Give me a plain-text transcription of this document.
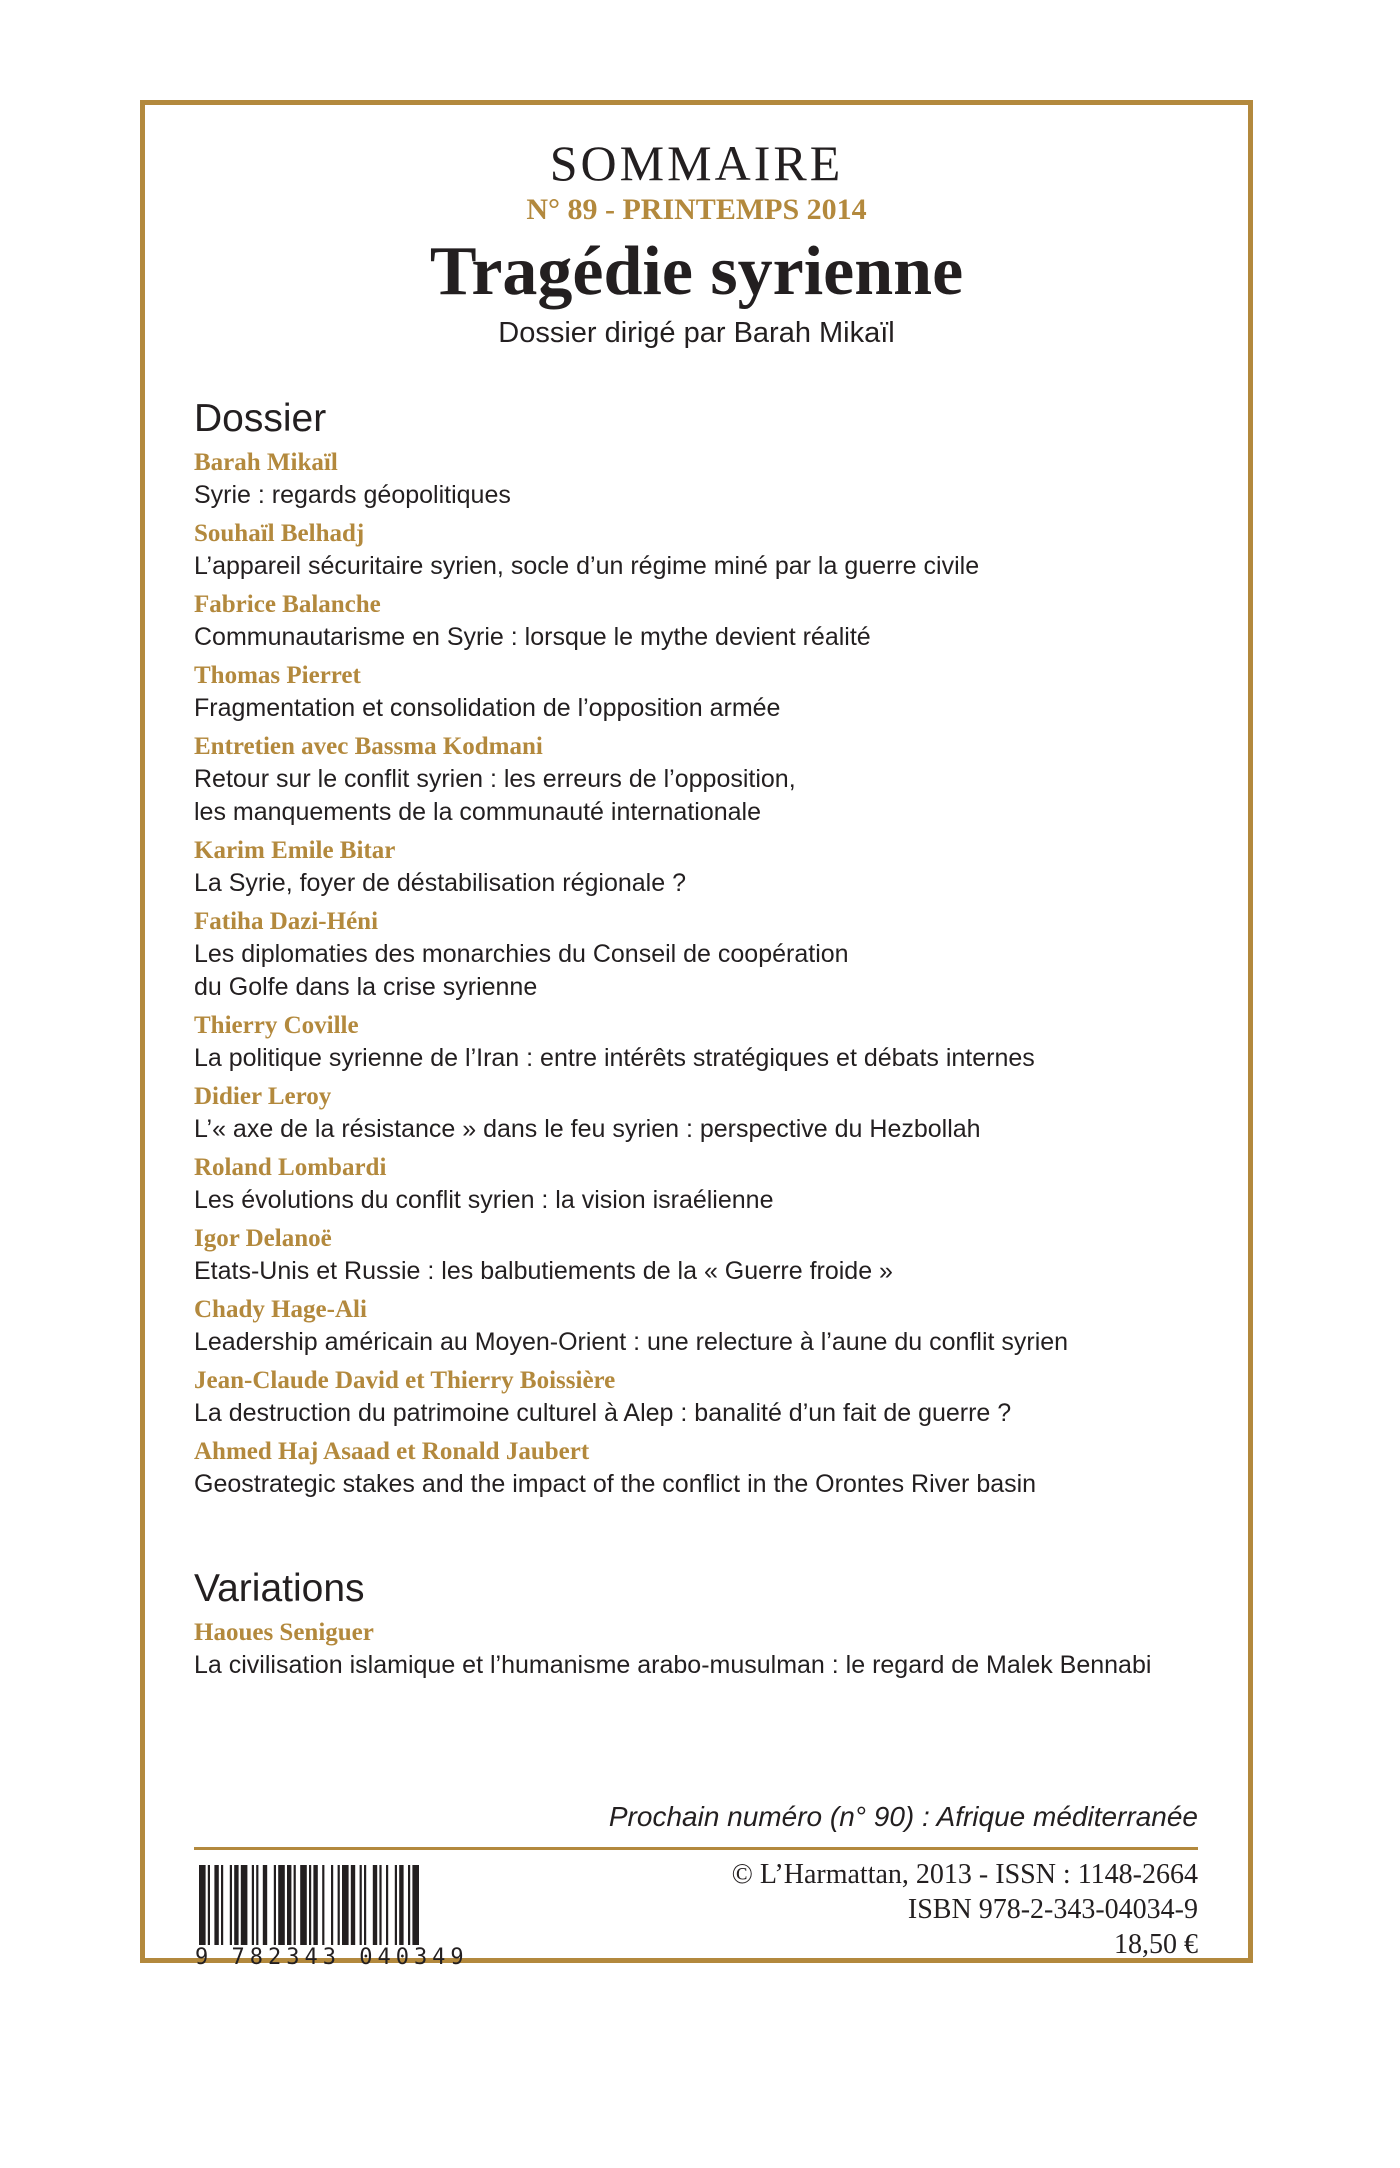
SOMMAIRE
N° 89 - PRINTEMPS 2014
Tragédie syrienne
Dossier dirigé par Barah Mikaïl
Dossier
Barah Mikaïl
Syrie : regards géopolitiques
Souhaïl Belhadj
L’appareil sécuritaire syrien, socle d’un régime miné par la guerre civile
Fabrice Balanche
Communautarisme en Syrie : lorsque le mythe devient réalité
Thomas Pierret
Fragmentation et consolidation de l’opposition armée
Entretien avec Bassma Kodmani
Retour sur le conflit syrien : les erreurs de l’opposition,
les manquements de la communauté internationale
Karim Emile Bitar
La Syrie, foyer de déstabilisation régionale ?
Fatiha Dazi-Héni
Les diplomaties des monarchies du Conseil de coopération
du Golfe dans la crise syrienne
Thierry Coville
La politique syrienne de l’Iran : entre intérêts stratégiques et débats internes
Didier Leroy
L’« axe de la résistance » dans le feu syrien : perspective du Hezbollah
Roland Lombardi
Les évolutions du conflit syrien : la vision israélienne
Igor Delanoë
Etats-Unis et Russie : les balbutiements de la « Guerre froide »
Chady Hage-Ali
Leadership américain au Moyen-Orient : une relecture à l’aune du conflit syrien
Jean-Claude David et Thierry Boissière
La destruction du patrimoine culturel à Alep : banalité d’un fait de guerre ?
Ahmed Haj Asaad et Ronald Jaubert
Geostrategic stakes and the impact of the conflict in the Orontes River basin
Variations
Haoues Seniguer
La civilisation islamique et l’humanisme arabo-musulman : le regard de Malek Bennabi
Prochain numéro (n° 90) : Afrique méditerranée
9 782343 040349
© L’Harmattan, 2013 - ISSN : 1148-2664
ISBN 978-2-343-04034-9
18,50 €
